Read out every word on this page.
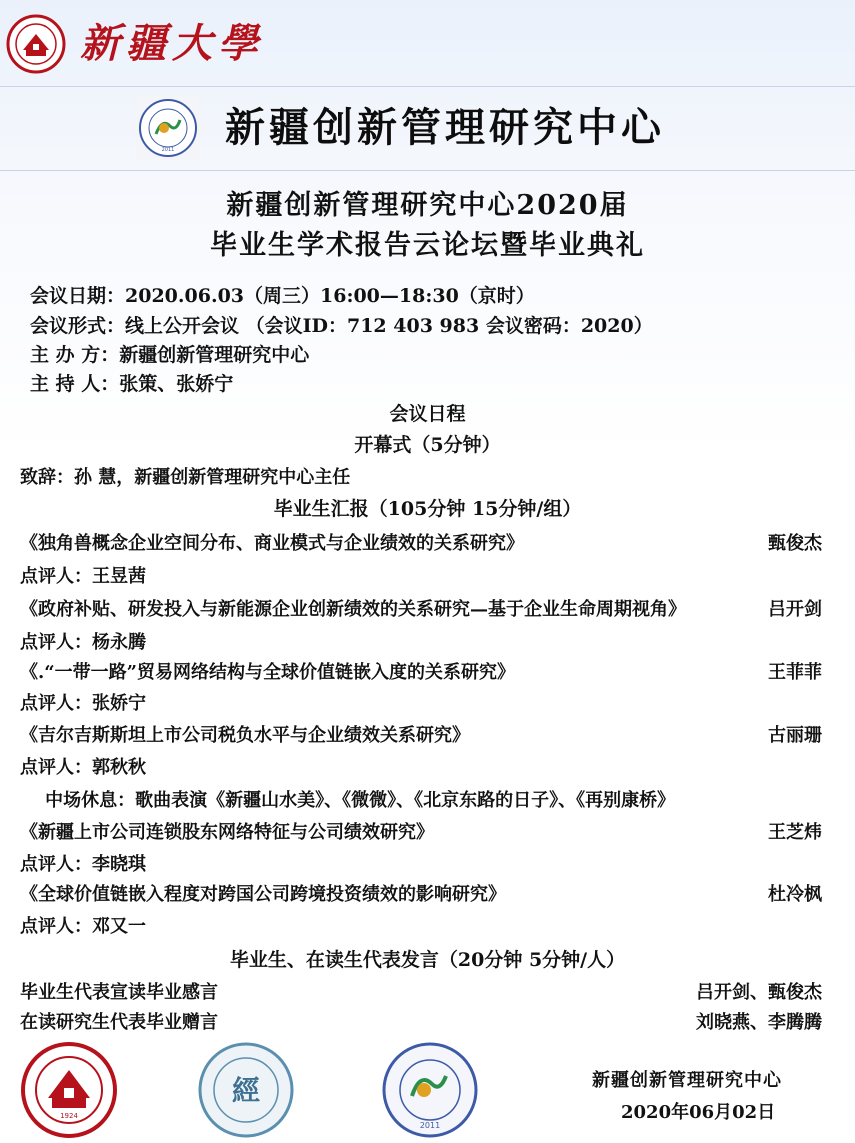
新疆大學
2011 新疆创新管理研究中心
新疆创新管理研究中心2020届
毕业生学术报告云论坛暨毕业典礼
会议日期：2020.06.03（周三）16:00—18:30（京时）
会议形式：线上公开会议 （会议ID：712 403 983 会议密码：2020）
主 办 方：新疆创新管理研究中心
主 持 人：张策、张娇宁
会议日程
开幕式（5分钟）
致辞：孙 慧，新疆创新管理研究中心主任
毕业生汇报（105分钟 15分钟/组）
《独角兽概念企业空间分布、商业模式与企业绩效的关系研究》	甄俊杰
点评人：王昱茜
《政府补贴、研发投入与新能源企业创新绩效的关系研究—基于企业生命周期视角》	吕开剑
点评人：杨永腾
《.“一带一路”贸易网络结构与全球价值链嵌入度的关系研究》	王菲菲
点评人：张娇宁
《吉尔吉斯斯坦上市公司税负水平与企业绩效关系研究》	古丽珊
点评人：郭秋秋
中场休息：歌曲表演《新疆山水美》、《微微》、《北京东路的日子》、《再别康桥》
《新疆上市公司连锁股东网络特征与公司绩效研究》	王芝炜
点评人：李晓琪
《全球价值链嵌入程度对跨国公司跨境投资绩效的影响研究》	杜冷枫
点评人：邓又一
毕业生、在读生代表发言（20分钟 5分钟/人）
毕业生代表宣读毕业感言	吕开剑、甄俊杰
在读研究生代表毕业赠言	刘晓燕、李腾腾
1924
經
2011
新疆创新管理研究中心
2020年06月02日
